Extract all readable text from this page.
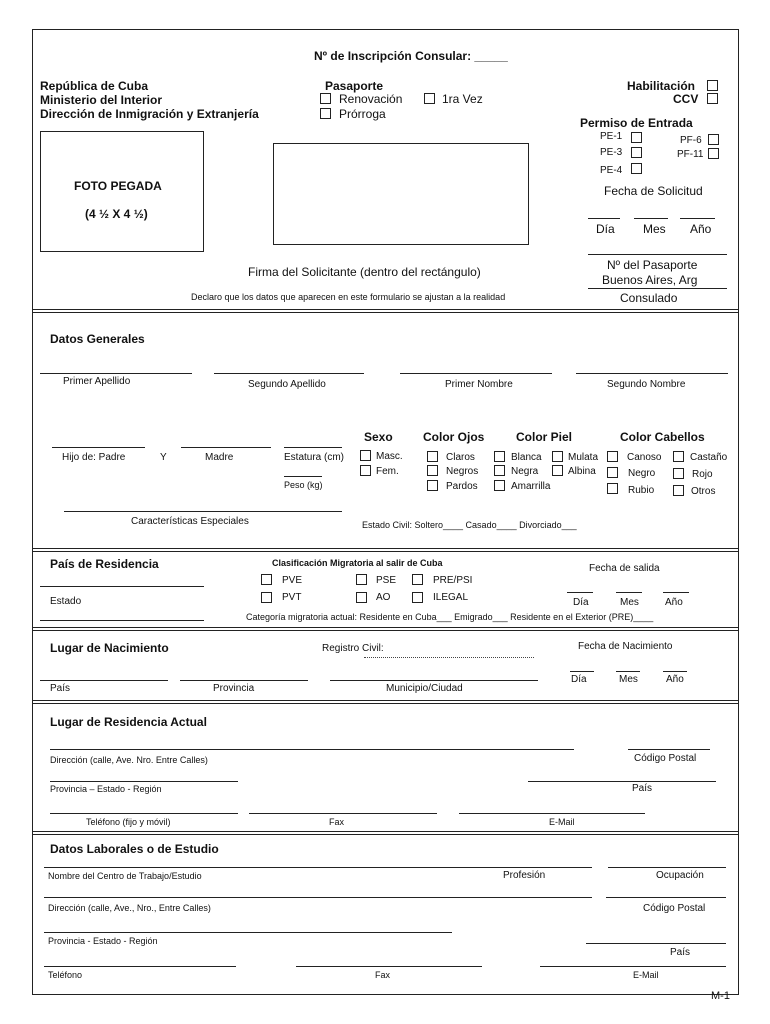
Nº de Inscripción Consular: _____
República de Cuba
Ministerio del Interior
Dirección de Inmigración y Extranjería
Pasaporte
Renovación	1ra Vez
Prórroga
Habilitación
CCV
Permiso de Entrada
PE-1
PE-3
PE-4
PF-6
PF-11
Fecha de Solicitud
Día Mes Año
FOTO PEGADA
(4 ½ X 4 ½)
Firma del Solicitante (dentro del rectángulo)	Nº del Pasaporte
Buenos Aires, Arg
Consulado
Declaro que los datos que aparecen en este formulario se ajustan a la realidad
Datos Generales
Primer Apellido	Segundo Apellido	Primer Nombre	Segundo Nombre
Hijo de: Padre	Y	Madre	Estatura (cm)
Peso (kg)
Sexo
Masc.
Fem.
Color Ojos
Claros
Negros
Pardos
Color Piel
Blanca
Negra
Amarrilla
Mulata
Albina
Color Cabellos
Canoso	Castaño
Negro	Rojo
Rubio	Otros
Características Especiales	Estado Civil: Soltero____ Casado____ Divorciado___
País de Residencia
Estado
Clasificación Migratoria al salir de Cuba
PVE
PVT
PSE
AO
PRE/PSI
ILEGAL
Fecha de salida
Día	Mes	Año
Categoría migratoria actual: Residente en Cuba___ Emigrado___ Residente en el Exterior (PRE)____
Lugar de Nacimiento	Registro Civil:	Fecha de Nacimiento
País	Provincia	Municipio/Ciudad
Día	Mes	Año
Lugar de Residencia Actual
Dirección (calle, Ave. Nro. Entre Calles)	Código Postal
Provincia – Estado - Región	País
Teléfono (fijo y móvil)	Fax	E-Mail
Datos Laborales o de Estudio
Nombre del Centro de Trabajo/Estudio	Profesión	Ocupación
Dirección (calle, Ave., Nro., Entre Calles)	Código Postal
Provincia - Estado - Región
País
Teléfono	Fax	E-Mail
M-1
